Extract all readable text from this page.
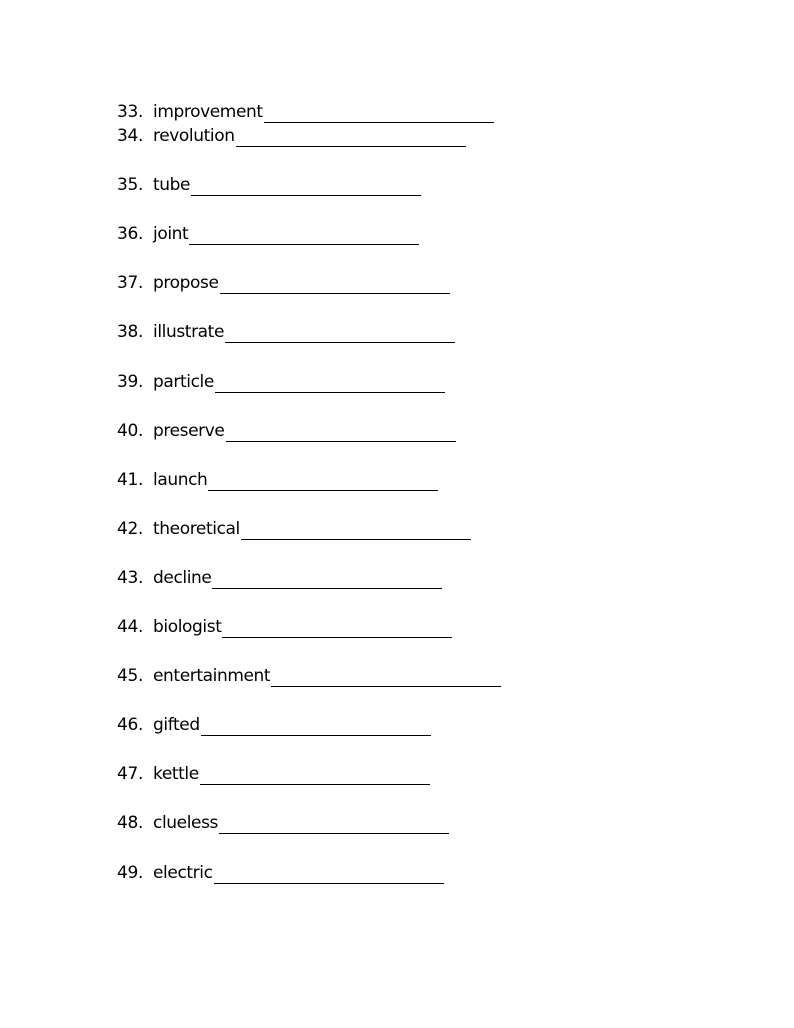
33. improvement
34. revolution
35. tube
36. joint
37. propose
38. illustrate
39. particle
40. preserve
41. launch
42. theoretical
43. decline
44. biologist
45. entertainment
46. gifted
47. kettle
48. clueless
49. electric
